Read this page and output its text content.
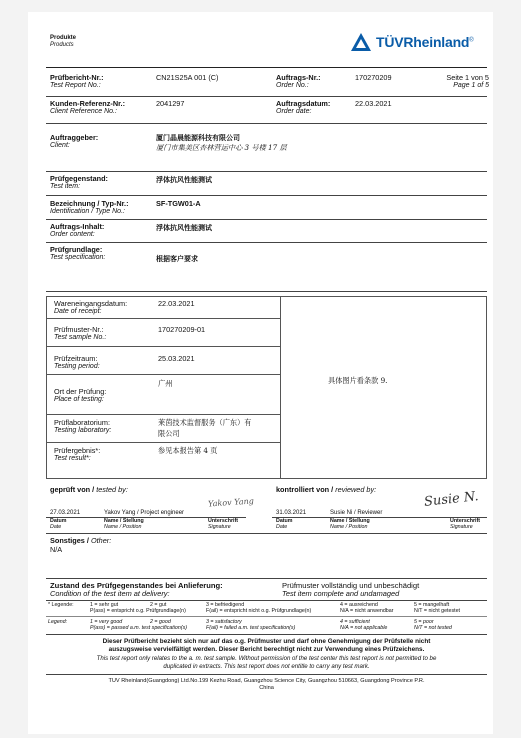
Produkte
Products	TÜVRheinland®
Prüfbericht-Nr.:
Test Report No.:
CN21S25A 001 (C)	Auftrags-Nr.:
Order No.:
170270209	Seite 1 von 5
Page 1 of 5
Kunden-Referenz-Nr.:
Client Reference No.:
2041297	Auftragsdatum:
Order date:
22.03.2021
Auftraggeber:
Client:
厦门晶晨能源科技有限公司
厦门市集美区杏林营运中心 3 号楼 17 层
Prüfgegenstand:
Test item:
浮体抗风性能测试
Bezeichnung / Typ-Nr.:
Identification / Type No.:
SF-TGW01-A
Auftrags-Inhalt:
Order content:
浮体抗风性能测试
Prüfgrundlage:
Test specification:	根据客户要求
Wareneingangsdatum:
Date of receipt:
22.03.2021
Prüfmuster-Nr.:
Test sample No.:
170270209-01
Prüfzeitraum:
Testing period:
25.03.2021
Ort der Prüfung:
Place of testing:
广州
Prüflaboratorium:
Testing laboratory:
莱茵技术监督服务（广东）有
限公司
Prüfergebnis*:
Test result*:
参见本报告第 4 页
具体图片看条款 9.
geprüft von / tested by:	kontrolliert von / reviewed by:
27.03.2021	Yakov Yang / Project engineer
Yakov Yang
31.03.2021	Susie Ni / Reviewer
Susie N.
Datum
Date
Name / Stellung
Name / Position
Unterschrift
Signature
Datum
Date
Name / Stellung
Name / Position
Unterschrift
Signature
Sonstiges / Other:
N/A
Zustand des Prüfgegenstandes bei Anlieferung:
Condition of the test item at delivery:
Prüfmuster vollständig und unbeschädigt
Test item complete and undamaged
* Legende:	1 = sehr gut	2 = gut	3 = befriedigend	4 = ausreichend	5 = mangelhaft
P(ass) = entspricht o.g. Prüfgrundlage(n)	F(ail) = entspricht nicht o.g. Prüfgrundlage(n)	N/A = nicht anwendbar	N/T = nicht getestet
Legend:	1 = very good	2 = good	3 = satisfactory	4 = sufficient	5 = poor
P(ass) = passed a.m. test specification(s)	F(ail) = failed a.m. test specification(s)	N/A = not applicable	N/T = not tested
Dieser Prüfbericht bezieht sich nur auf das o.g. Prüfmuster und darf ohne Genehmigung der Prüfstelle nicht
auszugsweise vervielfältigt werden. Dieser Bericht berechtigt nicht zur Verwendung eines Prüfzeichens.
This test report only relates to the a. m. test sample. Without permission of the test center this test report is not permitted to be
duplicated in extracts. This test report does not entitle to carry any test mark.
TUV Rheinland(Guangdong) Ltd.No.199 Kezhu Road, Guangzhou Science City, Guangzhou 510663, Guangdong Province P.R.
China
